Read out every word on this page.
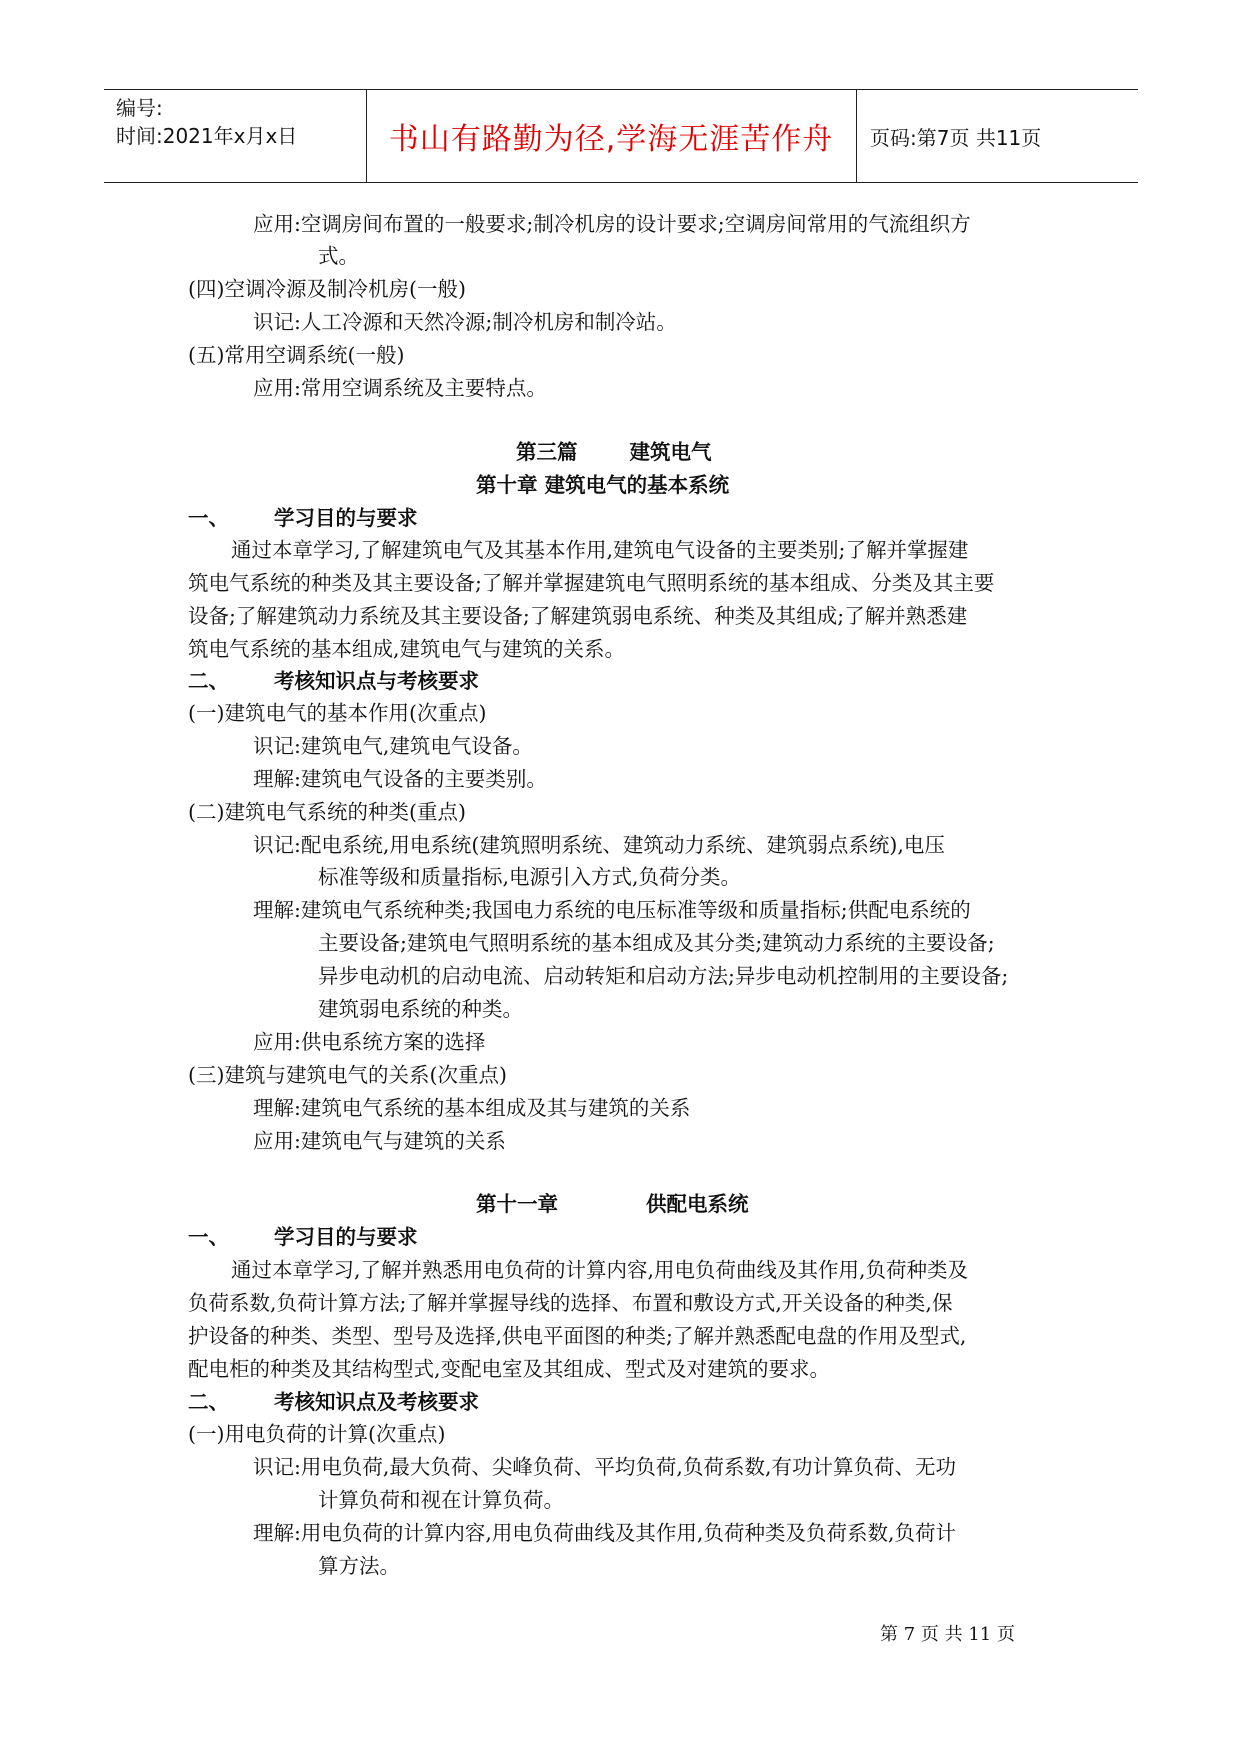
编号:
时间:2021年x月x日	书山有路勤为径,学海无涯苦作舟	页码:第7页 共11页
应用:空调房间布置的一般要求;制冷机房的设计要求;空调房间常用的气流组织方
式。
(四)空调冷源及制冷机房(一般)
识记:人工冷源和天然冷源;制冷机房和制冷站。
(五)常用空调系统(一般)
应用:常用空调系统及主要特点。
第三篇	建筑电气
第十章 建筑电气的基本系统
一、 学习目的与要求
通过本章学习,了解建筑电气及其基本作用,建筑电气设备的主要类别;了解并掌握建
筑电气系统的种类及其主要设备;了解并掌握建筑电气照明系统的基本组成、分类及其主要
设备;了解建筑动力系统及其主要设备;了解建筑弱电系统、种类及其组成;了解并熟悉建
筑电气系统的基本组成,建筑电气与建筑的关系。
二、 考核知识点与考核要求
(一)建筑电气的基本作用(次重点)
识记:建筑电气,建筑电气设备。
理解:建筑电气设备的主要类别。
(二)建筑电气系统的种类(重点)
识记:配电系统,用电系统(建筑照明系统、建筑动力系统、建筑弱点系统),电压
标准等级和质量指标,电源引入方式,负荷分类。
理解:建筑电气系统种类;我国电力系统的电压标准等级和质量指标;供配电系统的
主要设备;建筑电气照明系统的基本组成及其分类;建筑动力系统的主要设备;
异步电动机的启动电流、启动转矩和启动方法;异步电动机控制用的主要设备;
建筑弱电系统的种类。
应用:供电系统方案的选择
(三)建筑与建筑电气的关系(次重点)
理解:建筑电气系统的基本组成及其与建筑的关系
应用:建筑电气与建筑的关系
第十一章	供配电系统
一、 学习目的与要求
通过本章学习,了解并熟悉用电负荷的计算内容,用电负荷曲线及其作用,负荷种类及
负荷系数,负荷计算方法;了解并掌握导线的选择、布置和敷设方式,开关设备的种类,保
护设备的种类、类型、型号及选择,供电平面图的种类;了解并熟悉配电盘的作用及型式,
配电柜的种类及其结构型式,变配电室及其组成、型式及对建筑的要求。
二、 考核知识点及考核要求
(一)用电负荷的计算(次重点)
识记:用电负荷,最大负荷、尖峰负荷、平均负荷,负荷系数,有功计算负荷、无功
计算负荷和视在计算负荷。
理解:用电负荷的计算内容,用电负荷曲线及其作用,负荷种类及负荷系数,负荷计
算方法。
第 7 页 共 11 页
